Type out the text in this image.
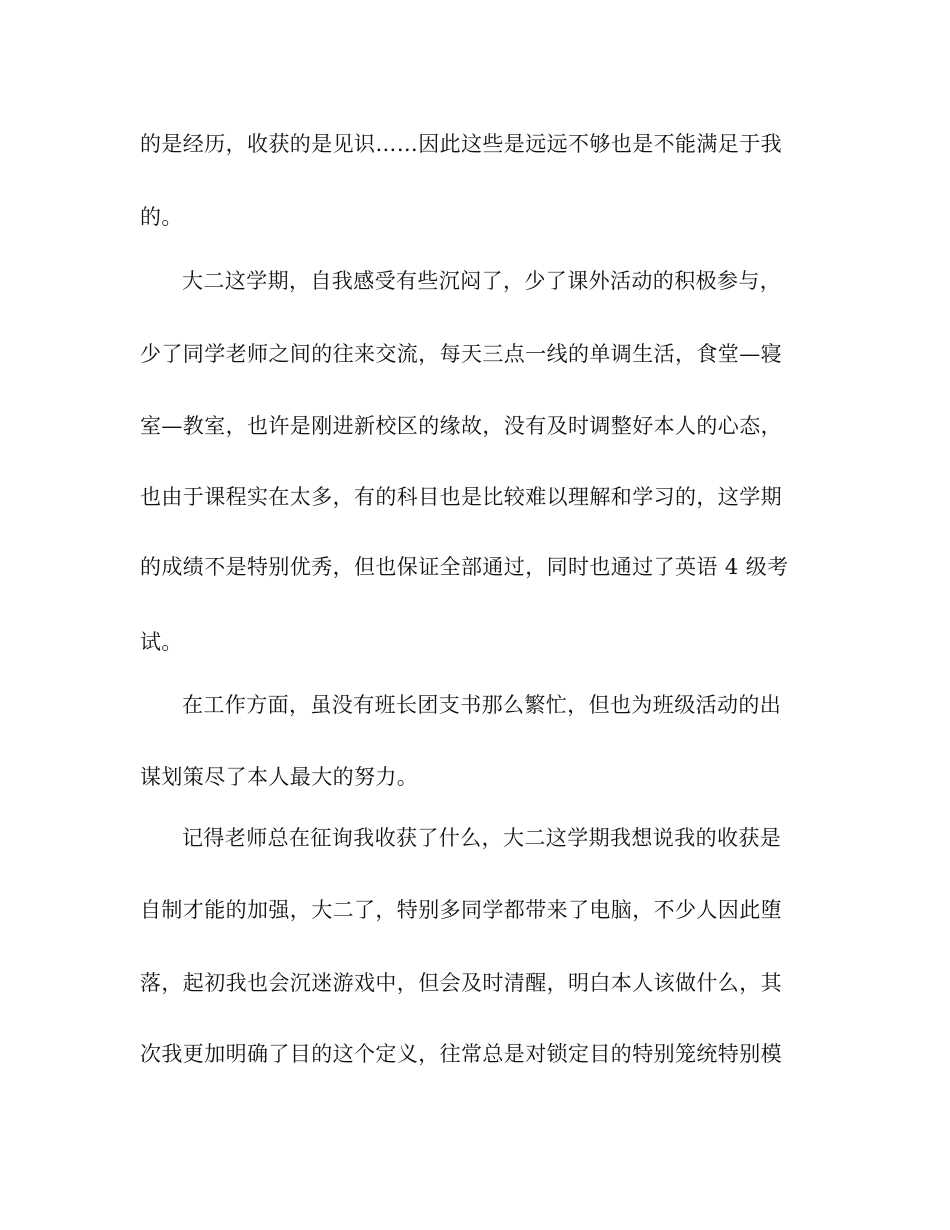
的是经历，收获的是见识……因此这些是远远不够也是不能满足于我
的。
大二这学期，自我感受有些沉闷了，少了课外活动的积极参与，
少了同学老师之间的往来交流，每天三点一线的单调生活，食堂—寝
室—教室，也许是刚进新校区的缘故，没有及时调整好本人的心态，
也由于课程实在太多，有的科目也是比较难以理解和学习的，这学期
的成绩不是特别优秀，但也保证全部通过，同时也通过了英语 4 级考
试。
在工作方面，虽没有班长团支书那么繁忙，但也为班级活动的出
谋划策尽了本人最大的努力。
记得老师总在征询我收获了什么，大二这学期我想说我的收获是
自制才能的加强，大二了，特别多同学都带来了电脑，不少人因此堕
落，起初我也会沉迷游戏中，但会及时清醒，明白本人该做什么，其
次我更加明确了目的这个定义，往常总是对锁定目的特别笼统特别模
